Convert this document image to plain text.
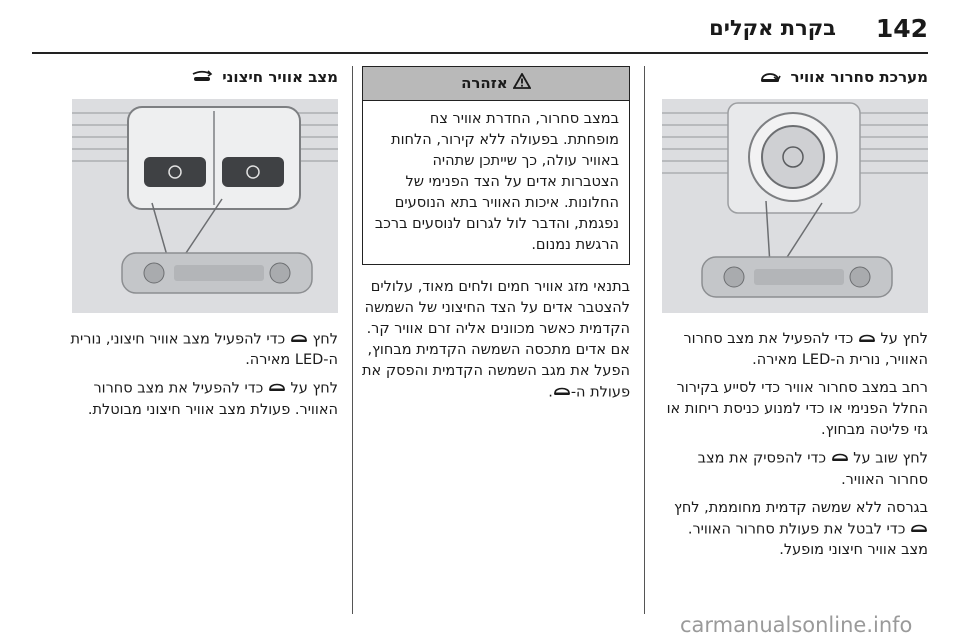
142
בקרת אקלים
מערכת סחרור אוויר
לחץ על  כדי להפעיל את מצב סחרור האוויר, נורית ה-LED מאירה.
רחב במצב סחרור אוויר כדי לסייע בקירור החלל הפנימי או כדי למנוע כניסת ריחות או גזי פליטה מבחוץ.
לחץ שוב על  כדי להפסיק את מצב סחרור האוויר.
בגרסה ללא שמשה קדמית מחוממת, לחץ  כדי לבטל את פעולת סחרור האוויר. מצב אוויר חיצוני מופעל.
אזהרה
במצב סחרור, החדרת אוויר צח מופחתת. בפעולה ללא קירור, הלחות באוויר עולה, כך שייתכן שתהיה הצטברות אדים על הצד הפנימי של החלונות. איכות האוויר בתא הנוסעים נפגמת, והדבר לול לגרום לנוסעים ברכב הרגשת נמנום.
בתנאי מזג אוויר חמים ולחים מאוד, עלולים להצטבר אדים על הצד החיצוני של השמשה הקדמית כאשר מכוונים אליה זרם אוויר קר. אם אדים מתכסה השמשה הקדמית מבחוץ, הפעל את מגב השמשה הקדמית והפסק את פעולת ה-.
מצב אוויר חיצוני
לחץ  כדי להפעיל מצב אוויר חיצוני, נורית ה-LED מאירה.
לחץ על  כדי להפעיל את מצב סחרור האוויר. פעולת מצב אוויר חיצוני מבוטלת.
carmanualsonline.info
